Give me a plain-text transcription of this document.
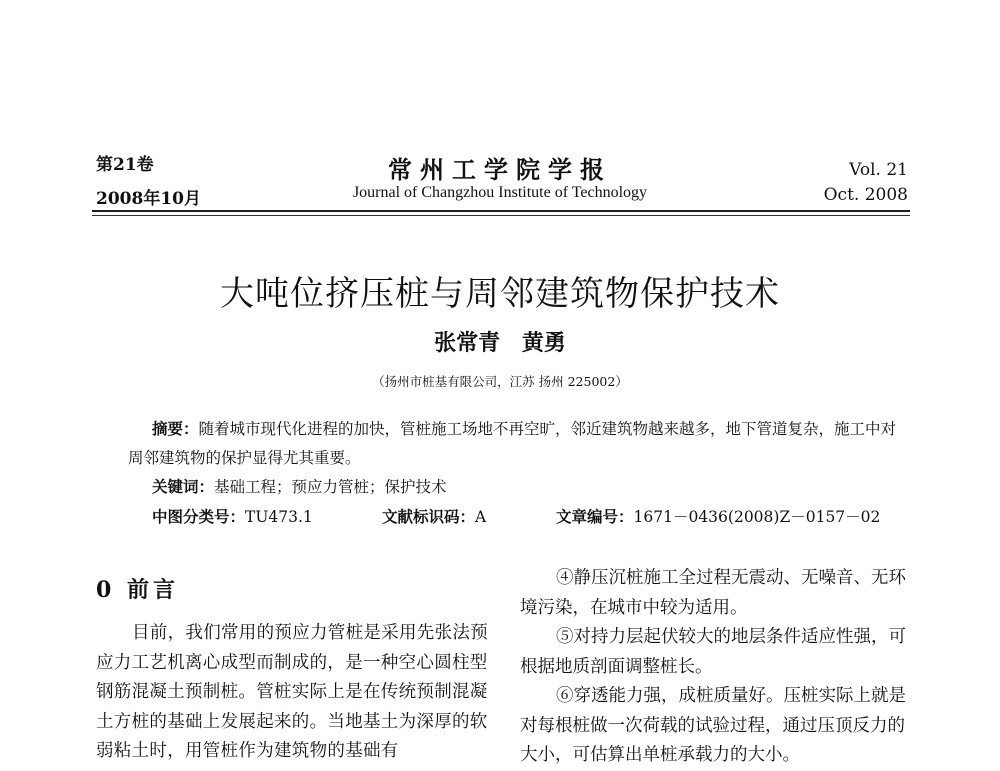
第21卷
2008年10月
常州工学院学报
Journal of Changzhou Institute of Technology
Vol. 21
Oct. 2008
大吨位挤压桩与周邻建筑物保护技术
张常青 黄勇
（扬州市桩基有限公司，江苏 扬州 225002）
摘要：随着城市现代化进程的加快，管桩施工场地不再空旷，邻近建筑物越来越多，地下管道复杂，施工中对周邻建筑物的保护显得尤其重要。
关键词：基础工程；预应力管桩；保护技术
中图分类号：TU473.1	文献标识码：A	文章编号：1671－0436(2008)Z－0157－02
0 前言
目前，我们常用的预应力管桩是采用先张法预应力工艺机离心成型而制成的，是一种空心圆柱型钢筋混凝土预制桩。管桩实际上是在传统预制混凝土方桩的基础上发展起来的。当地基土为深厚的软弱粘土时，用管桩作为建筑物的基础有
④静压沉桩施工全过程无震动、无噪音、无环境污染，在城市中较为适用。
⑤对持力层起伏较大的地层条件适应性强，可根据地质剖面调整桩长。
⑥穿透能力强，成桩质量好。压桩实际上就是对每根桩做一次荷载的试验过程，通过压顶反力的大小，可估算出单桩承载力的大小。
